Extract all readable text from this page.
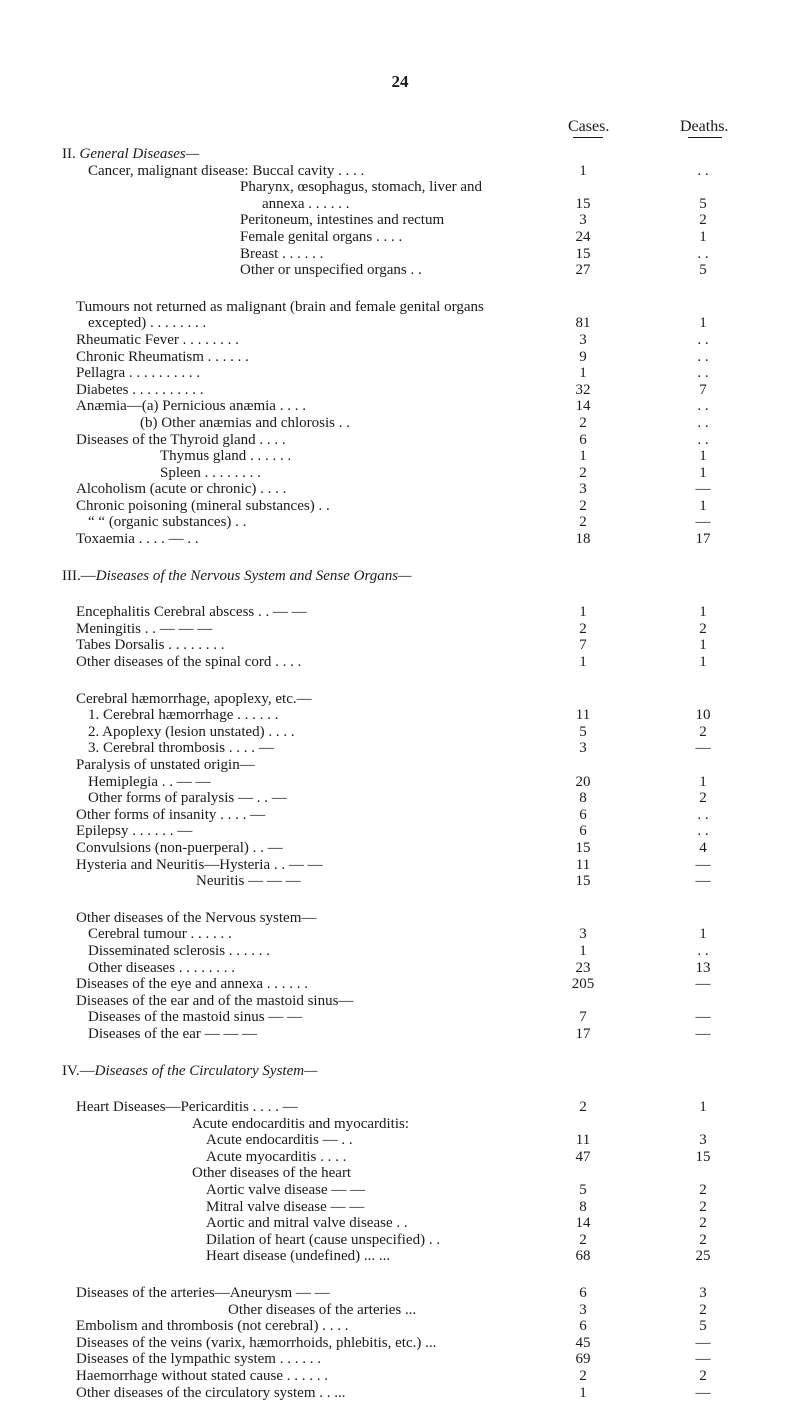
24
Cases.	Deaths.
II. General Diseases—
Cancer, malignant disease: Buccal cavity . . . .	1	. .
Pharynx, œsophagus, stomach, liver and
annexa . . . . . .	15	5
Peritoneum, intestines and rectum	3	2
Female genital organs . . . .	24	1
Breast . . . . . .	15	. .
Other or unspecified organs . .	27	5
Tumours not returned as malignant (brain and female genital organs
excepted) . . . . . . . .	81	1
Rheumatic Fever . . . . . . . .	3	. .
Chronic Rheumatism . . . . . .	9	. .
Pellagra . . . . . . . . . .	1	. .
Diabetes . . . . . . . . . .	32	7
Anæmia—(a) Pernicious anæmia . . . .	14	. .
(b) Other anæmias and chlorosis . .	2	. .
Diseases of the Thyroid gland . . . .	6	. .
Thymus gland . . . . . .	1	1
Spleen . . . . . . . .	2	1
Alcoholism (acute or chronic) . . . .	3	—
Chronic poisoning (mineral substances) . .	2	1
“ “ (organic substances) . .	2	—
Toxaemia . . . . — . .	18	17
III.—Diseases of the Nervous System and Sense Organs—
Encephalitis Cerebral abscess . . — —	1	1
Meningitis . . — — —	2	2
Tabes Dorsalis . . . . . . . .	7	1
Other diseases of the spinal cord . . . .	1	1
Cerebral hæmorrhage, apoplexy, etc.—
1. Cerebral hæmorrhage . . . . . .	11	10
2. Apoplexy (lesion unstated) . . . .	5	2
3. Cerebral thrombosis . . . . —	3	—
Paralysis of unstated origin—
Hemiplegia . . — —	20	1
Other forms of paralysis — . . —	8	2
Other forms of insanity . . . . —	6	. .
Epilepsy . . . . . . —	6	. .
Convulsions (non-puerperal) . . —	15	4
Hysteria and Neuritis—Hysteria . . — —	11	—
Neuritis — — —	15	—
Other diseases of the Nervous system—
Cerebral tumour . . . . . .	3	1
Disseminated sclerosis . . . . . .	1	. .
Other diseases . . . . . . . .	23	13
Diseases of the eye and annexa . . . . . .	205	—
Diseases of the ear and of the mastoid sinus—
Diseases of the mastoid sinus — —	7	—
Diseases of the ear — — —	17	—
IV.—Diseases of the Circulatory System—
Heart Diseases—Pericarditis . . . . —	2	1
Acute endocarditis and myocarditis:
Acute endocarditis — . .	11	3
Acute myocarditis . . . .	47	15
Other diseases of the heart
Aortic valve disease — —	5	2
Mitral valve disease — —	8	2
Aortic and mitral valve disease . .	14	2
Dilation of heart (cause unspecified) . .	2	2
Heart disease (undefined) ... ...	68	25
Diseases of the arteries—Aneurysm — —	6	3
Other diseases of the arteries ...	3	2
Embolism and thrombosis (not cerebral) . . . .	6	5
Diseases of the veins (varix, hæmorrhoids, phlebitis, etc.) ...	45	—
Diseases of the lympathic system . . . . . .	69	—
Haemorrhage without stated cause . . . . . .	2	2
Other diseases of the circulatory system . . ...	1	—
